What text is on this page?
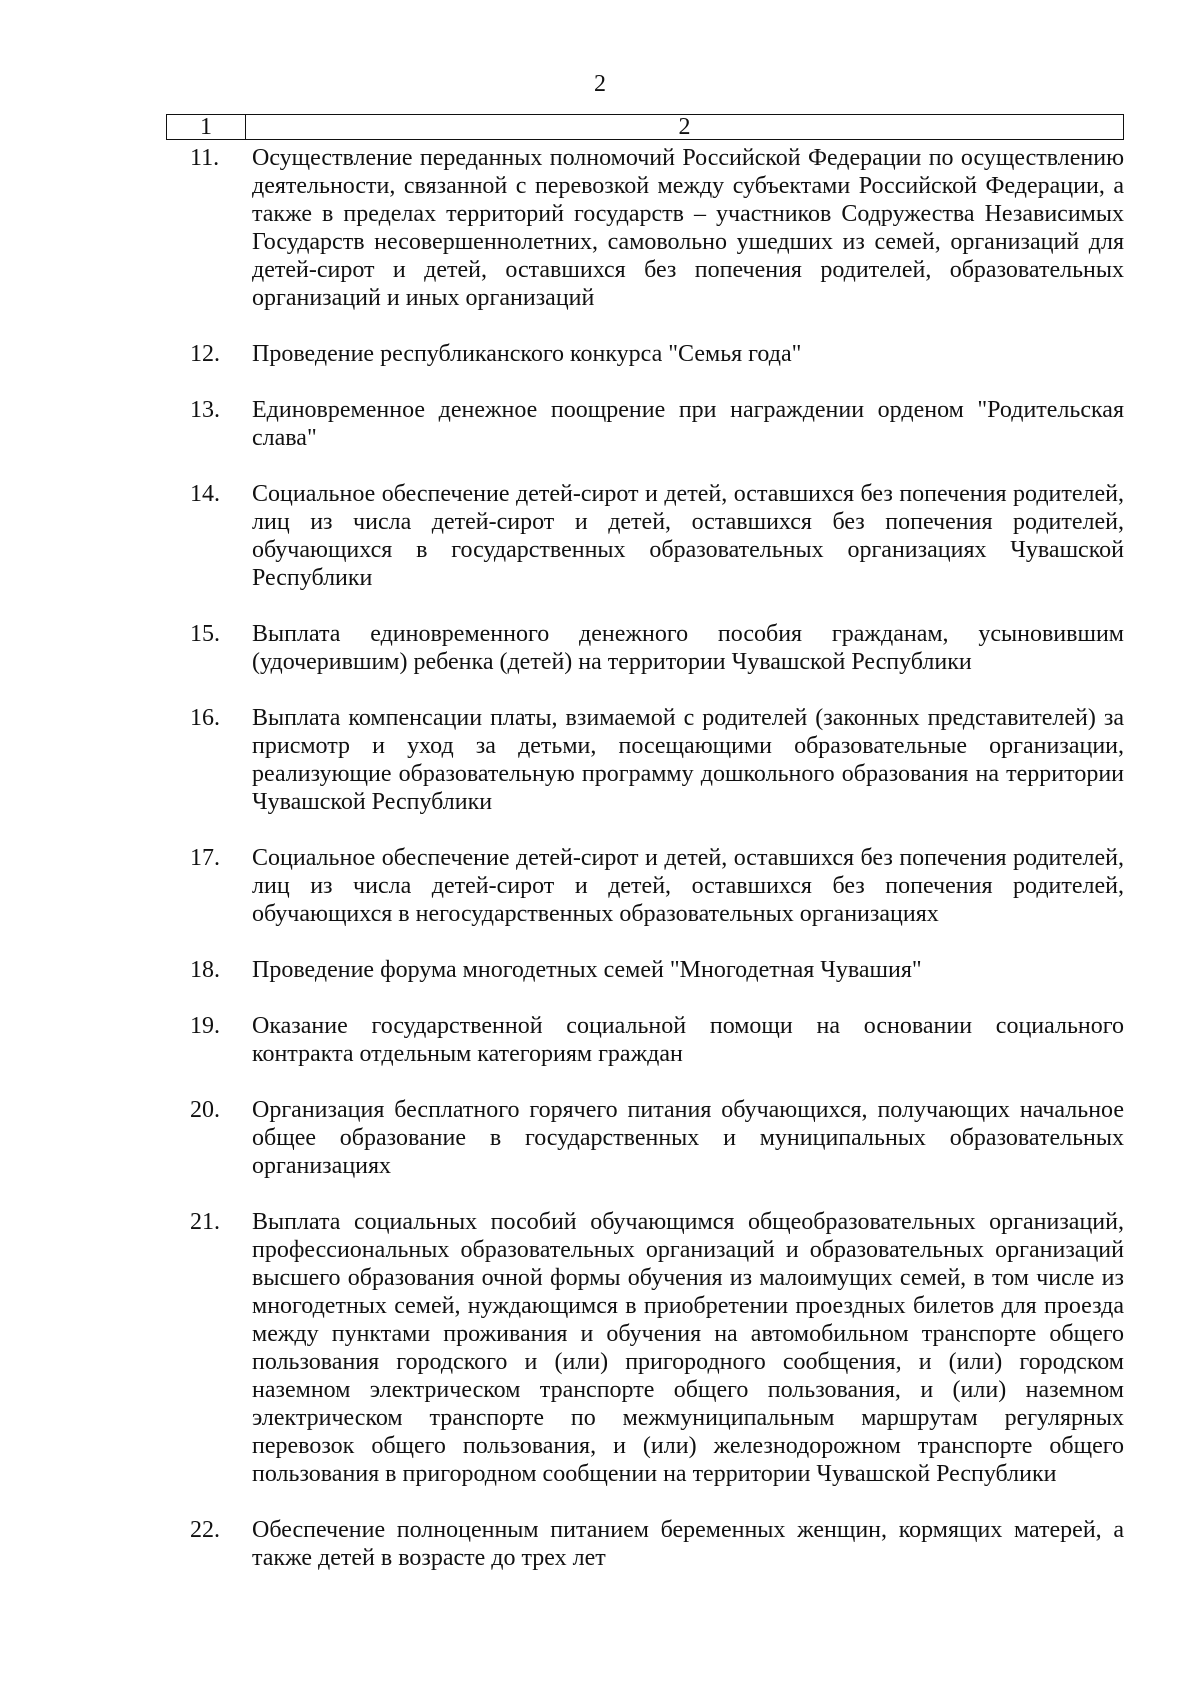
2
1	2
11.	Осуществление переданных полномочий Российской Федерации по осуществлению деятельности, связанной с перевозкой между субъектами Российской Федерации, а также в пределах территорий государств – участников Содружества Независимых Государств несовершеннолетних, самовольно ушедших из семей, организаций для детей-сирот и детей, оставшихся без попечения родителей, образовательных организаций и иных организаций
12.	Проведение республиканского конкурса "Семья года"
13.	Единовременное денежное поощрение при награждении орденом "Родительская слава"
14.	Социальное обеспечение детей-сирот и детей, оставшихся без попечения родителей, лиц из числа детей-сирот и детей, оставшихся без попечения родителей, обучающихся в государственных образовательных организациях Чувашской Республики
15.	Выплата единовременного денежного пособия гражданам, усыновившим (удочерившим) ребенка (детей) на территории Чувашской Республики
16.	Выплата компенсации платы, взимаемой с родителей (законных представителей) за присмотр и уход за детьми, посещающими образовательные организации, реализующие образовательную программу дошкольного образования на территории Чувашской Республики
17.	Социальное обеспечение детей-сирот и детей, оставшихся без попечения родителей, лиц из числа детей-сирот и детей, оставшихся без попечения родителей, обучающихся в негосударственных образовательных организациях
18.	Проведение форума многодетных семей "Многодетная Чувашия"
19.	Оказание государственной социальной помощи на основании социального контракта отдельным категориям граждан
20.	Организация бесплатного горячего питания обучающихся, получающих начальное общее образование в государственных и муниципальных образовательных организациях
21.	Выплата социальных пособий обучающимся общеобразовательных организаций, профессиональных образовательных организаций и образовательных организаций высшего образования очной формы обучения из малоимущих семей, в том числе из многодетных семей, нуждающимся в приобретении проездных билетов для проезда между пунктами проживания и обучения на автомобильном транспорте общего пользования городского и (или) пригородного сообщения, и (или) городском наземном электрическом транспорте общего пользования, и (или) наземном электрическом транспорте по межмуниципальным маршрутам регулярных перевозок общего пользования, и (или) железнодорожном транспорте общего пользования в пригородном сообщении на территории Чувашской Республики
22.	Обеспечение полноценным питанием беременных женщин, кормящих матерей, а также детей в возрасте до трех лет
